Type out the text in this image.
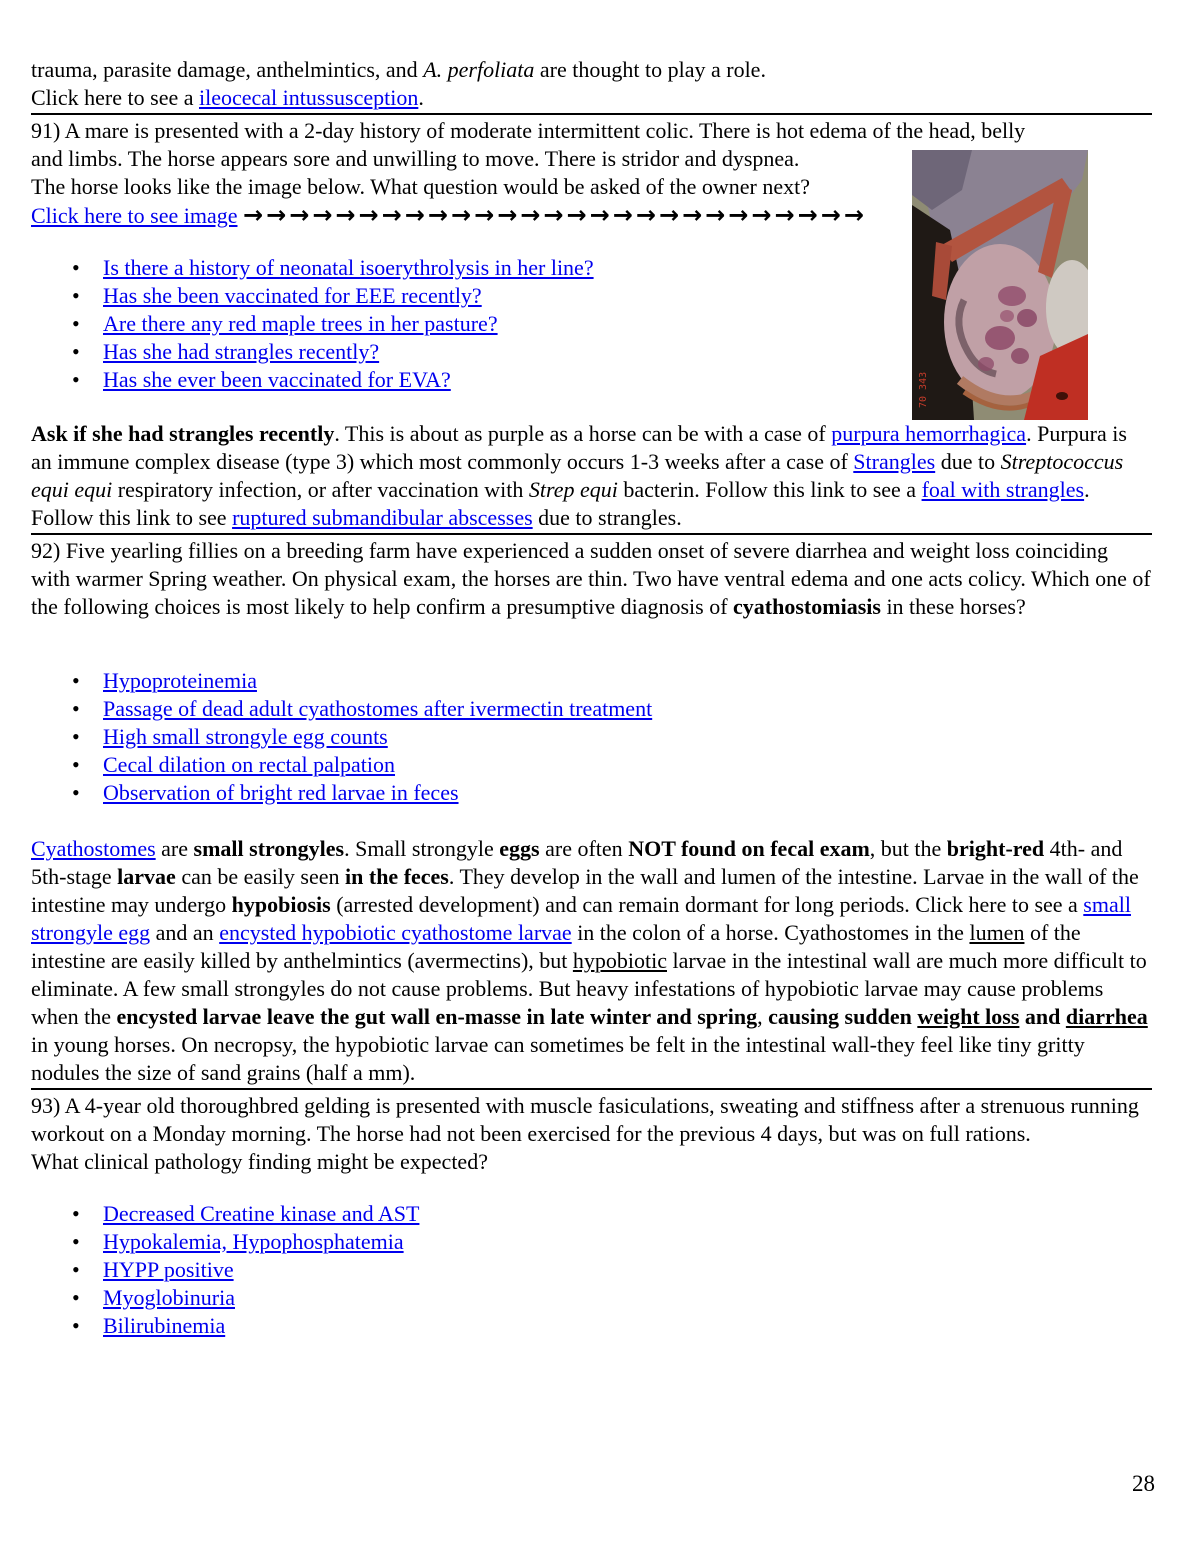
trauma, parasite damage, anthelmintics, and A. perfoliata are thought to play a role.
Click here to see a ileocecal intussusception.

91) A mare is presented with a 2-day history of moderate intermittent colic. There is hot edema of the head, belly
and limbs. The horse appears sore and unwilling to move. There is stridor and dyspnea.
The horse looks like the image below. What question would be asked of the owner next?
Click here to see image →→→→→→→→→→→→→→→→→→→→→→→→→→→

• Is there a history of neonatal isoerythrolysis in her line?
• Has she been vaccinated for EEE recently?
• Are there any red maple trees in her pasture?
• Has she had strangles recently?
• Has she ever been vaccinated for EVA?

Ask if she had strangles recently. This is about as purple as a horse can be with a case of purpura hemorrhagica. Purpura is an immune complex disease (type 3) which most commonly occurs 1-3 weeks after a case of Strangles due to Streptococcus equi equi respiratory infection, or after vaccination with Strep equi bacterin. Follow this link to see a foal with strangles. Follow this link to see ruptured submandibular abscesses due to strangles.

92) Five yearling fillies on a breeding farm have experienced a sudden onset of severe diarrhea and weight loss coinciding with warmer Spring weather. On physical exam, the horses are thin. Two have ventral edema and one acts colicy. Which one of the following choices is most likely to help confirm a presumptive diagnosis of cyathostomiasis in these horses?

• Hypoproteinemia
• Passage of dead adult cyathostomes after ivermectin treatment
• High small strongyle egg counts
• Cecal dilation on rectal palpation
• Observation of bright red larvae in feces

Cyathostomes are small strongyles. Small strongyle eggs are often NOT found on fecal exam, but the bright-red 4th- and 5th-stage larvae can be easily seen in the feces. They develop in the wall and lumen of the intestine. Larvae in the wall of the intestine may undergo hypobiosis (arrested development) and can remain dormant for long periods. Click here to see a small strongyle egg and an encysted hypobiotic cyathostome larvae in the colon of a horse. Cyathostomes in the lumen of the intestine are easily killed by anthelmintics (avermectins), but hypobiotic larvae in the intestinal wall are much more difficult to eliminate. A few small strongyles do not cause problems. But heavy infestations of hypobiotic larvae may cause problems when the encysted larvae leave the gut wall en-masse in late winter and spring, causing sudden weight loss and diarrhea in young horses. On necropsy, the hypobiotic larvae can sometimes be felt in the intestinal wall-they feel like tiny gritty nodules the size of sand grains (half a mm).

93) A 4-year old thoroughbred gelding is presented with muscle fasiculations, sweating and stiffness after a strenuous running workout on a Monday morning. The horse had not been exercised for the previous 4 days, but was on full rations.
What clinical pathology finding might be expected?

• Decreased Creatine kinase and AST
• Hypokalemia, Hypophosphatemia
• HYPP positive
• Myoglobinuria
• Bilirubinemia
70 343
28
